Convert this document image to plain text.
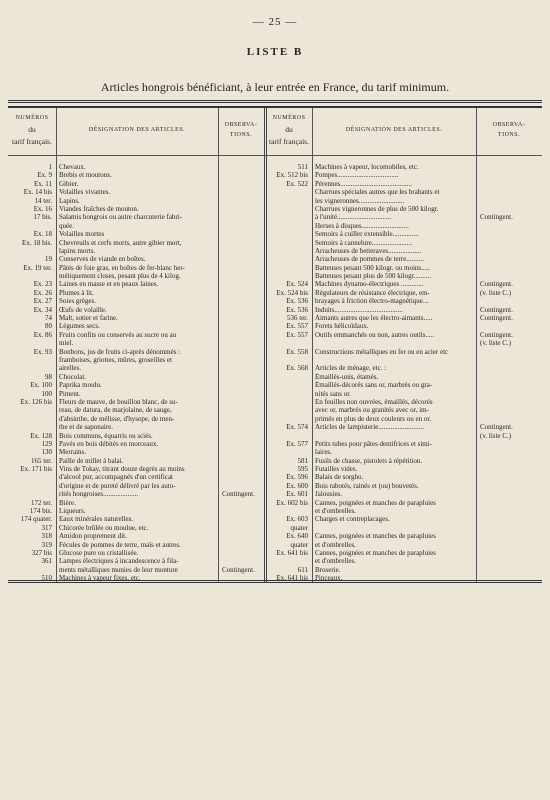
— 25 —
LISTE B
Articles hongrois bénéficiant, à leur entrée en France, du tarif minimum.
NUMÉROS
du
tarif français.
DÉSIGNATION DES ARTICLES.
OBSERVA-
TIONS.
NUMÉROS
du
tarif français.
DÉSIGNATION DES ARTICLES.
OBSERVA-
TIONS.
1
Ex. 9
Ex. 11
Ex. 14 bis
14 ter.
Ex. 16
17 bis.
Ex. 18
Ex. 18 bis.
19
Ex. 19 ter.
Ex. 23
Ex. 26
Ex. 27
Ex. 34
74
80
Ex. 86
Ex. 93
98
Ex. 100
100
Ex. 126 bis
Ex. 128
129
130
165 ter.
Ex. 171 bis
172 ter.
174 bis.
174 quater.
317
318
319
327 bis
361
510
Chevaux.
Brebis et moutons.
Gibier.
Volailles vivantes.
Lapins.
Viandes fraîches de mouton.
Salamis hongrois ou autre charcuterie fabri-
quée.
Volailles mortes
Chevreuils et cerfs morts, autre gibier mort,
lapins morts.
Conserves de viande en boîtes.
Pâtés de foie gras, en boîtes de fer-blanc her-
métiquement closes, pesant plus de 4 kilog.
Laines en masse et en peaux laines.
Plumes à lit.
Soies grèges.
Œufs de volaille.
Malt, sotier et farine.
Légumes secs.
Fruits confits ou conservés au sucre ou au
miel.
Bonbons, jus de fruits ci-après dénommés :
framboises, griottes, mûres, groseilles et
airelles.
Chocolat.
Paprika moulu.
Piment.
Fleurs de mauve, de bouillon blanc, de su-
reau, de datura, de marjolaine, de sauge,
d'absinthe, de mélisse, d'hysope, de men-
the et de saponaire.
Bois communs, équarris ou sciés.
Pavés en bois débités en morceaux.
Merrains.
Paille de millet à balai.
Vins de Tokay, titrant douze degrés au moins
d'alcool pur, accompagnés d'un certificat
d'origine et de pureté délivré par les auto-
rités hongroises....................
Bière.
Liqueurs.
Eaux minérales naturelles.
Chicorée brûlée ou moulue, etc.
Amidon proprement dit.
Fécules de pommes de terre, maïs et autres.
Glucose pure ou cristallisée.
Lampes électriques à incandescence à fila-
ments métalliques munies de leur monture
Machines à vapeur fixes, etc.
Contingent.
Contingent.
511
Ex. 512 bis
Ex. 522
Ex. 524
Ex. 524 bis
Ex. 536
Ex. 536
536 ter.
Ex. 557
Ex. 557
Ex. 558
Ex. 568
Ex. 574
Ex. 577
581
595
Ex. 596
Ex. 600
Ex. 601
Ex. 602 bis
Ex. 603
quater
Ex. 640
quater
Ex. 641 bis
611
Ex. 641 bis
Machines à vapeur, locomobiles, etc.
Pompes...................................
Pérennes.........................................
Charrues spéciales autres que les brabants et
les vigneronnes..........................
Charrues vigneronnes de plus de 500 kilogr.
à l'unité...............................
Herses à disques...........................
Semoirs à cuiller extensible...............
Semoirs à cannelure.......................
Arracheuses de betteraves...................
Arracheuses de pommes de terre..........
Batteuses pesant 500 kilogr. ou moins.....
Batteuses pesant plus de 500 kilogr..........
Machines dynamo-électriques .............
Régulateurs de résistance électrique, em-
brayages à friction électro-magnétique...
Induits.......................................
Aimants autres que les électro-aimants.....
Forets hélicoïdaux.
Outils emmanchés ou non, autres outils.....
Constructions métalliques en fer ou en acier etc
Articles de ménage, etc. :
Émaillés-unis, étamés.
Émaillés-décorés sans or, marbrés ou gra-
nités sans or.
En feuilles non ouvrées, émaillés, décorés
avec or, marbrés ou granités avec or, im-
primés en plus de deux couleurs ou en or.
Articles de lampisterie..........................
Petits tubes pour pâtes dentifrices et simi-
laires.
Fusils de chasse, pistolets à répétition.
Futailles vides.
Balais de sorgho.
Bois rabotés, rainés et (ou) bouvetés.
Jalousies.
Cannes, poignées et manches de parapluies
et d'ombrelles.
Charges et contreplacages.
Cannes, poignées et manches de parapluies
et d'ombrelles.
Cannes, poignées et manches de parapluies
et d'ombrelles.
Broserie.
Pinceaux.
Contingent.
Contingent.
(v. liste C.)
Contingent.
Contingent.
Contingent.
(v. liste C.)
Contingent.
(v. liste C.)
